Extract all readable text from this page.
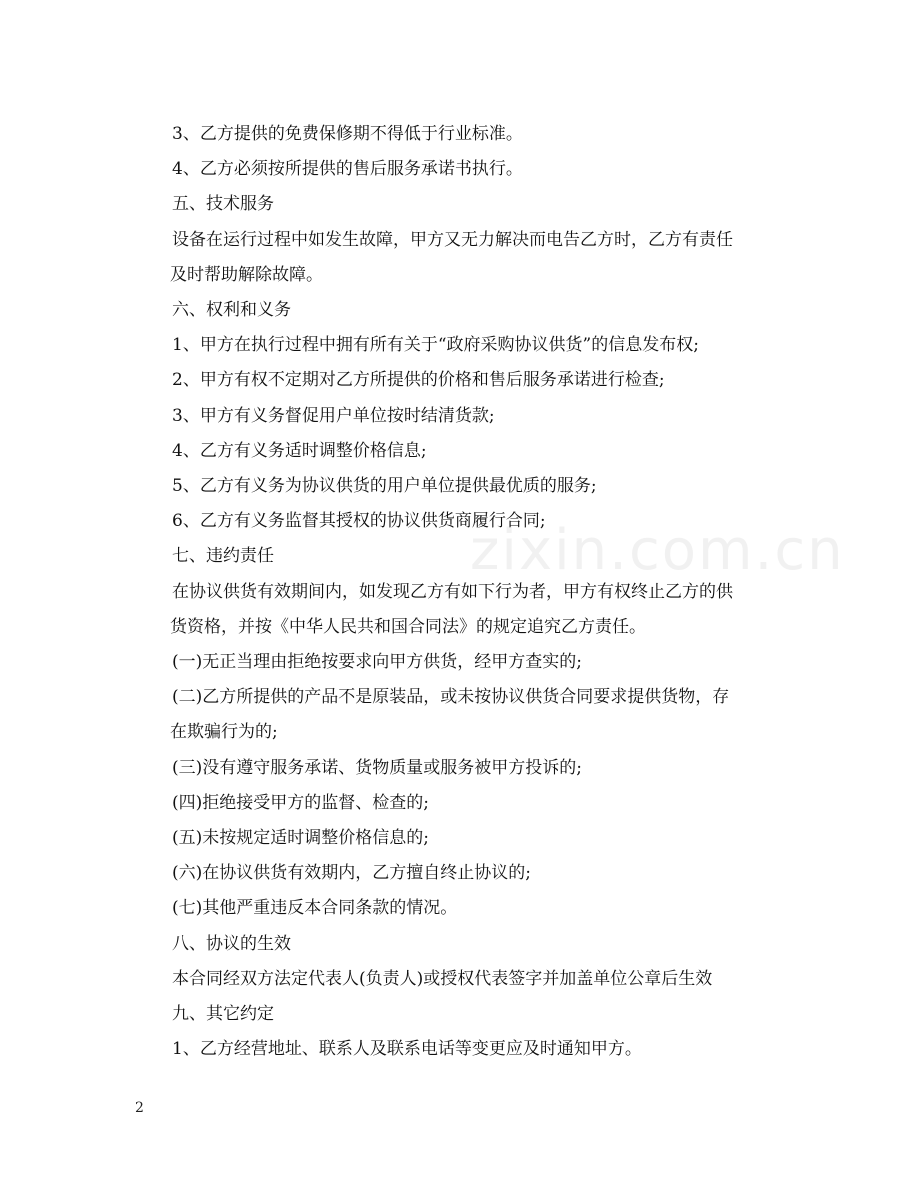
3、乙方提供的免费保修期不得低于行业标准。
4、乙方必须按所提供的售后服务承诺书执行。
五、技术服务
设备在运行过程中如发生故障，甲方又无力解决而电告乙方时，乙方有责任
及时帮助解除故障。
六、权利和义务
1、甲方在执行过程中拥有所有关于“政府采购协议供货”的信息发布权;
2、甲方有权不定期对乙方所提供的价格和售后服务承诺进行检查;
3、甲方有义务督促用户单位按时结清货款;
4、乙方有义务适时调整价格信息;
5、乙方有义务为协议供货的用户单位提供最优质的服务;
6、乙方有义务监督其授权的协议供货商履行合同;
七、违约责任
在协议供货有效期间内，如发现乙方有如下行为者，甲方有权终止乙方的供
货资格，并按《中华人民共和国合同法》的规定追究乙方责任。
(一)无正当理由拒绝按要求向甲方供货，经甲方查实的;
(二)乙方所提供的产品不是原装品，或未按协议供货合同要求提供货物，存
在欺骗行为的;
(三)没有遵守服务承诺、货物质量或服务被甲方投诉的;
(四)拒绝接受甲方的监督、检查的;
(五)未按规定适时调整价格信息的;
(六)在协议供货有效期内，乙方擅自终止协议的;
(七)其他严重违反本合同条款的情况。
八、协议的生效
本合同经双方法定代表人(负责人)或授权代表签字并加盖单位公章后生效
九、其它约定
1、乙方经营地址、联系人及联系电话等变更应及时通知甲方。
zixin.com.cn
2
